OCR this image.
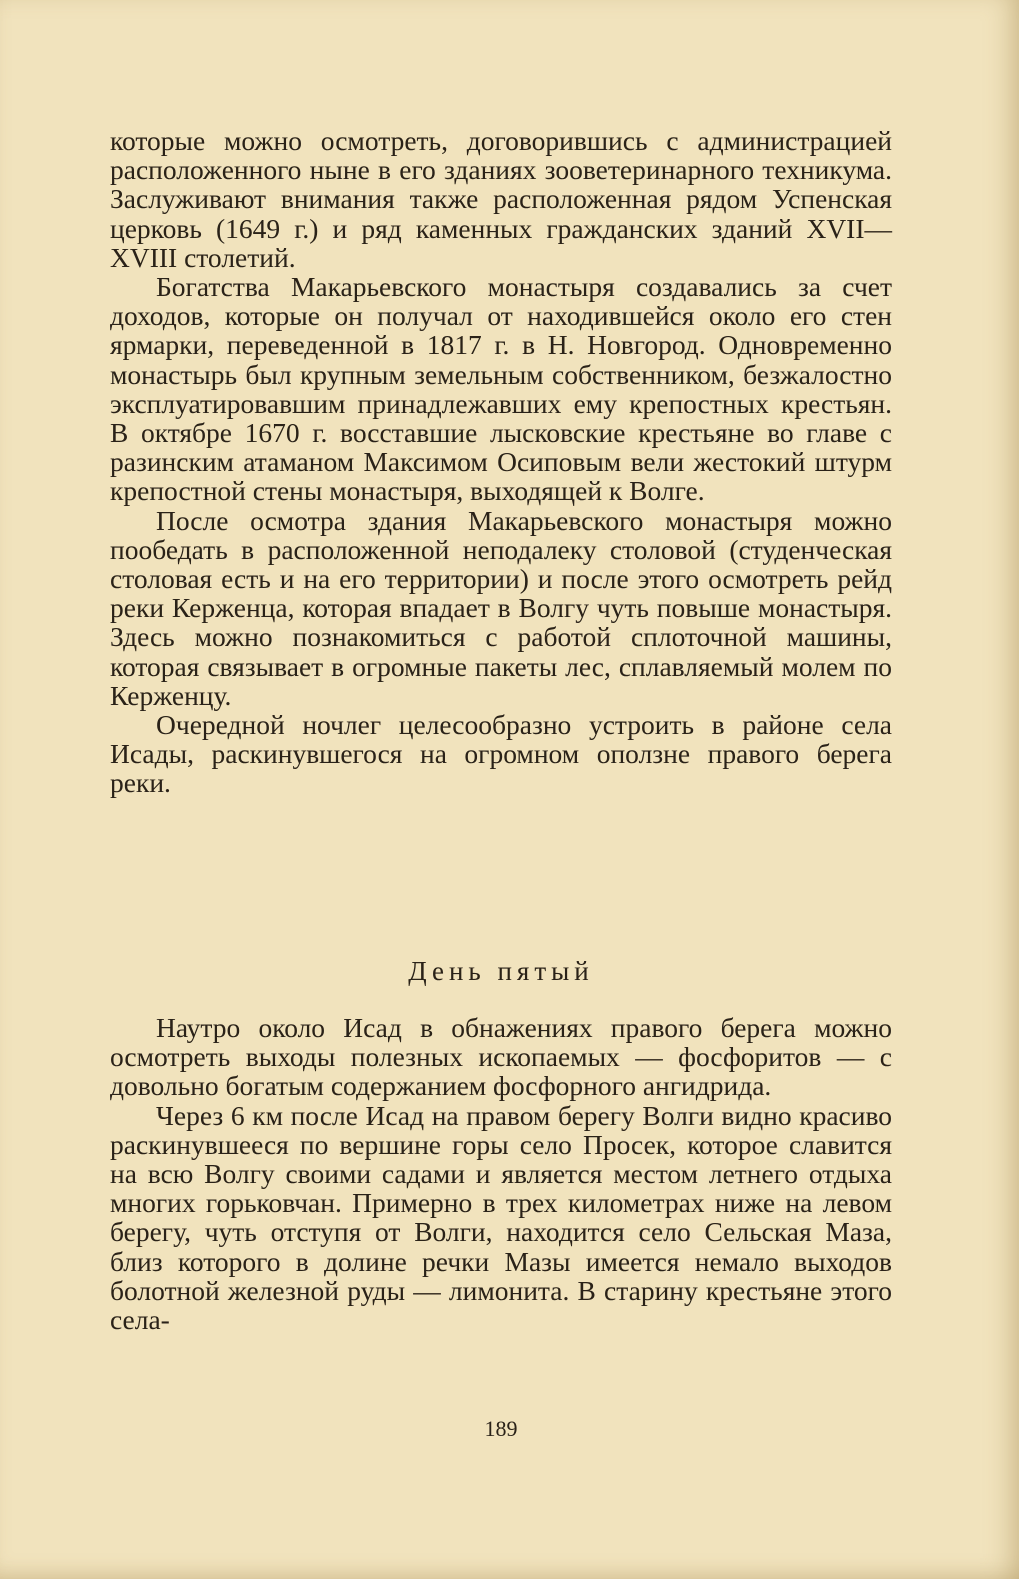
которые можно осмотреть, договорившись с администрацией расположенного ныне в его зданиях зооветеринарного техникума. Заслуживают внимания также расположенная рядом Успенская церковь (1649 г.) и ряд каменных гражданских зданий XVII—XVIII столетий.

Богатства Макарьевского монастыря создавались за счет доходов, которые он получал от находившейся около его стен ярмарки, переведенной в 1817 г. в Н. Новгород. Одновременно монастырь был крупным земельным собственником, безжалостно эксплуатировавшим принадлежавших ему крепостных крестьян. В октябре 1670 г. восставшие лысковские крестьяне во главе с разинским атаманом Максимом Осиповым вели жестокий штурм крепостной стены монастыря, выходящей к Волге.

После осмотра здания Макарьевского монастыря можно пообедать в расположенной неподалеку столовой (студенческая столовая есть и на его территории) и после этого осмотреть рейд реки Керженца, которая впадает в Волгу чуть повыше монастыря. Здесь можно познакомиться с работой сплоточной машины, которая связывает в огромные пакеты лес, сплавляемый молем по Керженцу.

Очередной ночлег целесообразно устроить в районе села Исады, раскинувшегося на огромном оползне правого берега реки.

День пятый

Наутро около Исад в обнажениях правого берега можно осмотреть выходы полезных ископаемых — фосфоритов — с довольно богатым содержанием фосфорного ангидрида.

Через 6 км после Исад на правом берегу Волги видно красиво раскинувшееся по вершине горы село Просек, которое славится на всю Волгу своими садами и является местом летнего отдыха многих горьковчан. Примерно в трех километрах ниже на левом берегу, чуть отступя от Волги, находится село Сельская Маза, близ которого в долине речки Мазы имеется немало выходов болотной железной руды — лимонита. В старину крестьяне этого села-

189
